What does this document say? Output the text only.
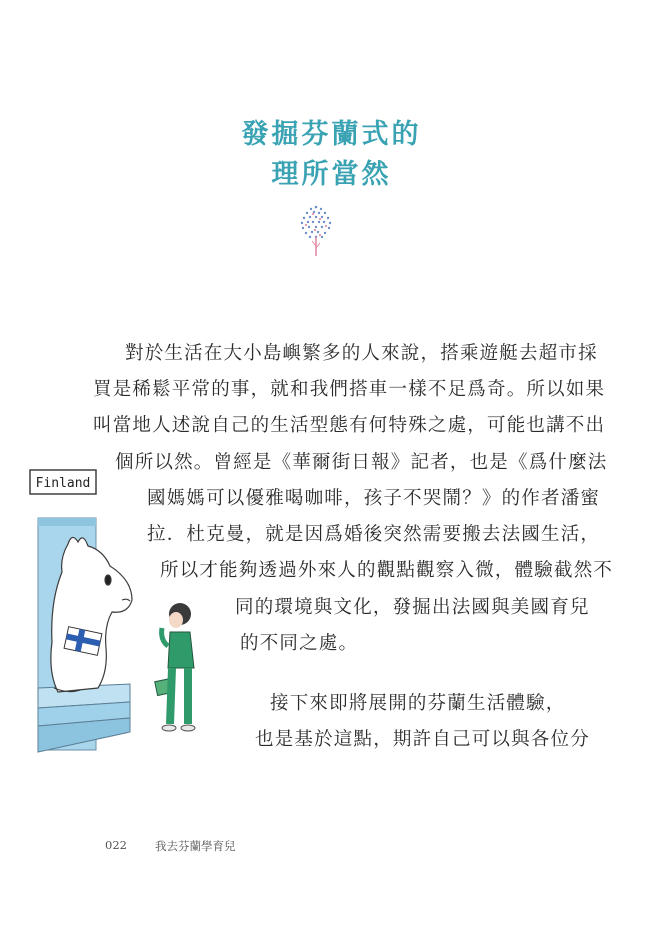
發掘芬蘭式的
理所當然
對於生活在大小島嶼繁多的人來說，搭乘遊艇去超市採
買是稀鬆平常的事，就和我們搭車一樣不足爲奇。所以如果
叫當地人述說自己的生活型態有何特殊之處，可能也講不出
個所以然。曾經是《華爾街日報》記者，也是《爲什麼法
國媽媽可以優雅喝咖啡，孩子不哭鬧？》的作者潘蜜
拉．杜克曼，就是因爲婚後突然需要搬去法國生活，
所以才能夠透過外來人的觀點觀察入微，體驗截然不
同的環境與文化，發掘出法國與美國育兒
的不同之處。
接下來即將展開的芬蘭生活體驗，
也是基於這點，期許自己可以與各位分
Finland
022 我去芬蘭學育兒
